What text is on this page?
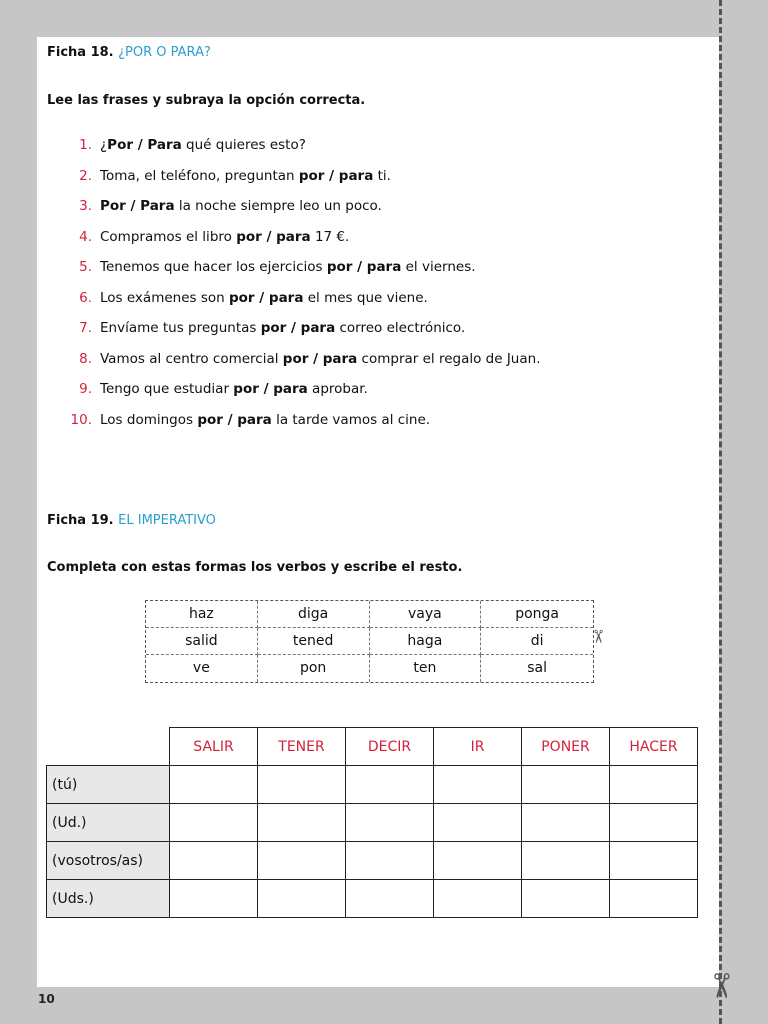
Ficha 18. ¿POR O PARA?
Lee las frases y subraya la opción correcta.
1. ¿Por / Para qué quieres esto?
2. Toma, el teléfono, preguntan por / para ti.
3. Por / Para la noche siempre leo un poco.
4. Compramos el libro por / para 17 €.
5. Tenemos que hacer los ejercicios por / para el viernes.
6. Los exámenes son por / para el mes que viene.
7. Envíame tus preguntas por / para correo electrónico.
8. Vamos al centro comercial por / para comprar el regalo de Juan.
9. Tengo que estudiar por / para aprobar.
10. Los domingos por / para la tarde vamos al cine.
Ficha 19. EL IMPERATIVO
Completa con estas formas los verbos y escribe el resto.
haz	diga	vaya	ponga
salid	tened	haga	di
ve	pon	ten	sal
✂
	SALIR	TENER	DECIR	IR	PONER	HACER
(tú)						
(Ud.)						
(vosotros/as)						
(Uds.)						
✂
10
